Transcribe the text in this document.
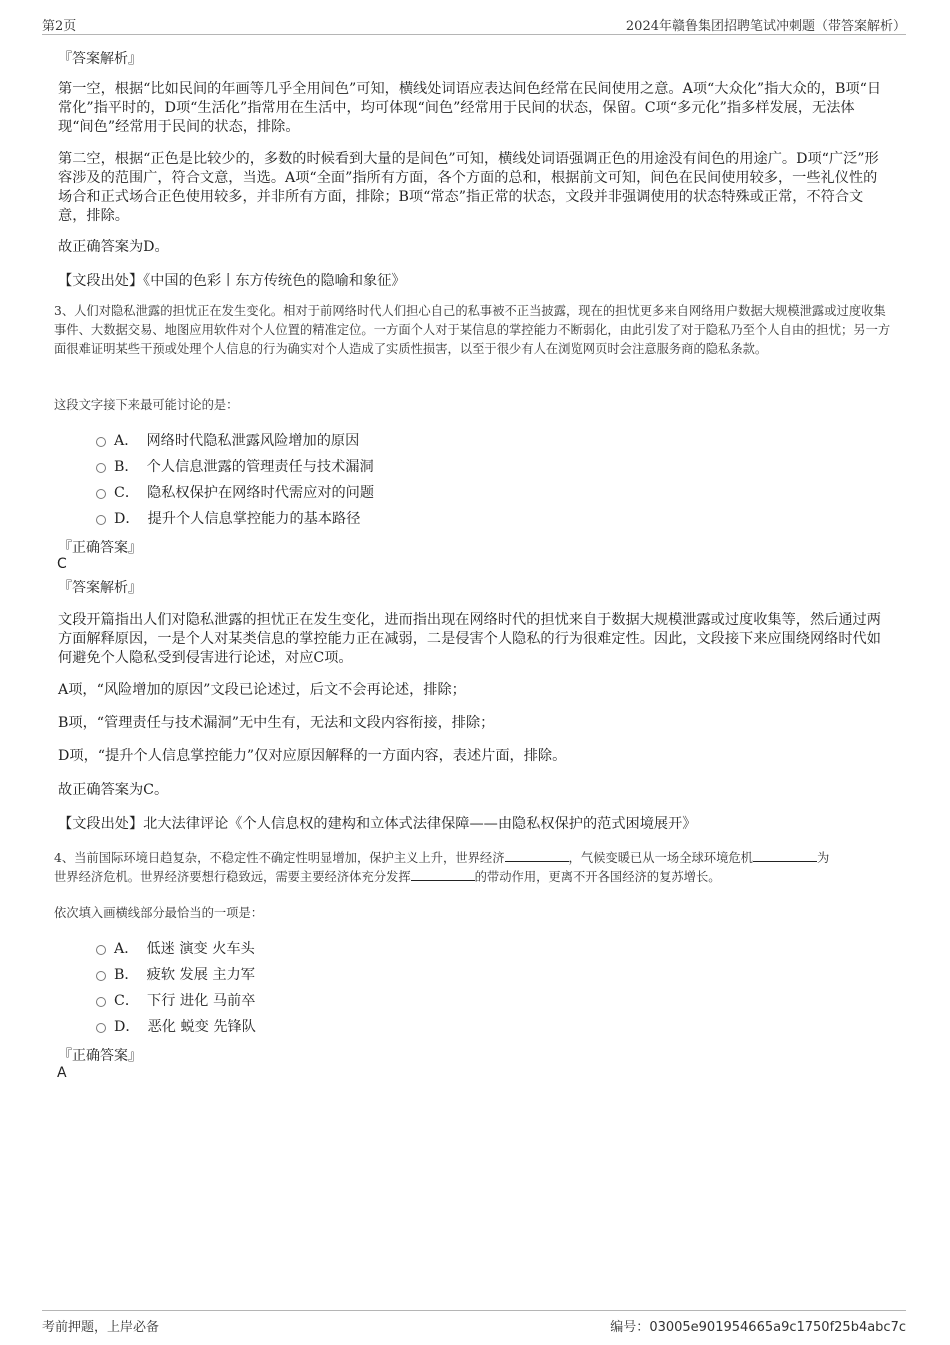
第2页	2024年赣鲁集团招聘笔试冲刺题（带答案解析）
『答案解析』
第一空，根据“比如民间的年画等几乎全用间色”可知，横线处词语应表达间色经常在民间使用之意。A项“大众化”指大众的，B项“日常化”指平时的，D项“生活化”指常用在生活中，均可体现“间色”经常用于民间的状态，保留。C项“多元化”指多样发展，无法体现“间色”经常用于民间的状态，排除。
第二空，根据“正色是比较少的，多数的时候看到大量的是间色”可知，横线处词语强调正色的用途没有间色的用途广。D项“广泛”形容涉及的范围广，符合文意，当选。A项“全面”指所有方面，各个方面的总和，根据前文可知，间色在民间使用较多，一些礼仪性的场合和正式场合正色使用较多，并非所有方面，排除；B项“常态”指正常的状态，文段并非强调使用的状态特殊或正常，不符合文意，排除。
故正确答案为D。
【文段出处】《中国的色彩丨东方传统色的隐喻和象征》
3、人们对隐私泄露的担忧正在发生变化。相对于前网络时代人们担心自己的私事被不正当披露，现在的担忧更多来自网络用户数据大规模泄露或过度收集事件、大数据交易、地图应用软件对个人位置的精准定位。一方面个人对于某信息的掌控能力不断弱化，由此引发了对于隐私乃至个人自由的担忧；另一方面很难证明某些干预或处理个人信息的行为确实对个人造成了实质性损害，以至于很少有人在浏览网页时会注意服务商的隐私条款。
这段文字接下来最可能讨论的是：
A． 网络时代隐私泄露风险增加的原因
B． 个人信息泄露的管理责任与技术漏洞
C． 隐私权保护在网络时代需应对的问题
D． 提升个人信息掌控能力的基本路径
『正确答案』
C
『答案解析』
文段开篇指出人们对隐私泄露的担忧正在发生变化，进而指出现在网络时代的担忧来自于数据大规模泄露或过度收集等，然后通过两方面解释原因，一是个人对某类信息的掌控能力正在减弱，二是侵害个人隐私的行为很难定性。因此，文段接下来应围绕网络时代如何避免个人隐私受到侵害进行论述，对应C项。
A项，“风险增加的原因”文段已论述过，后文不会再论述，排除；
B项，“管理责任与技术漏洞”无中生有，无法和文段内容衔接，排除；
D项，“提升个人信息掌控能力”仅对应原因解释的一方面内容，表述片面，排除。
故正确答案为C。
【文段出处】北大法律评论《个人信息权的建构和立体式法律保障——由隐私权保护的范式困境展开》
4、当前国际环境日趋复杂，不稳定性不确定性明显增加，保护主义上升，世界经济	，气候变暖已从一场全球环境危机	为
世界经济危机。世界经济要想行稳致远，需要主要经济体充分发挥	的带动作用，更离不开各国经济的复苏增长。
依次填入画横线部分最恰当的一项是：
A． 低迷 演变 火车头
B． 疲软 发展 主力军
C． 下行 进化 马前卒
D． 恶化 蜕变 先锋队
『正确答案』
A
考前押题，上岸必备	编号：03005e901954665a9c1750f25b4abc7c
